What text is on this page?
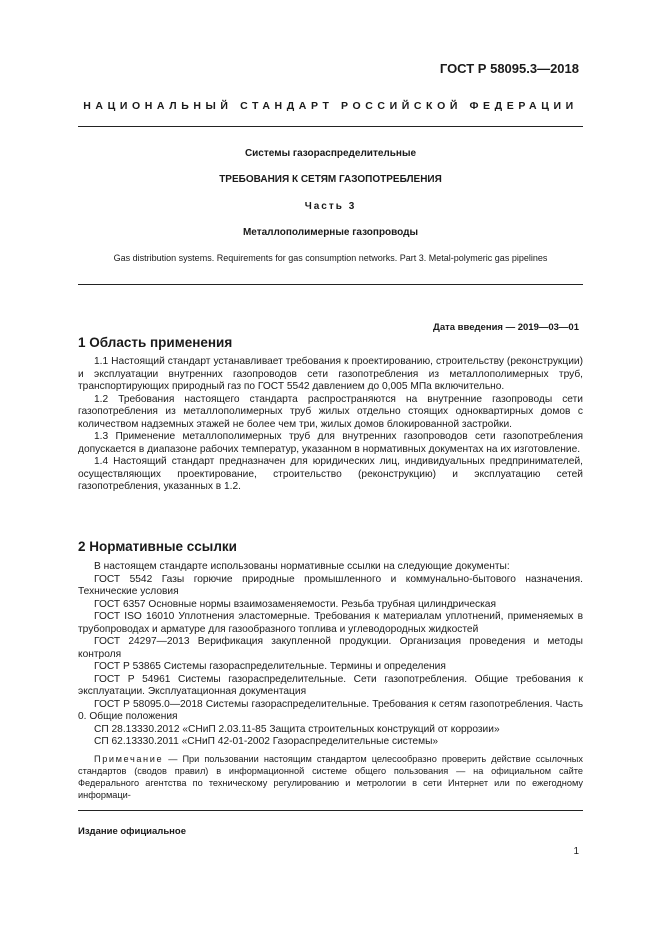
ГОСТ Р 58095.3—2018
НАЦИОНАЛЬНЫЙ СТАНДАРТ РОССИЙСКОЙ ФЕДЕРАЦИИ
Системы газораспределительные
ТРЕБОВАНИЯ К СЕТЯМ ГАЗОПОТРЕБЛЕНИЯ
Часть 3
Металлополимерные газопроводы
Gas distribution systems. Requirements for gas consumption networks. Part 3. Metal-polymeric gas pipelines
Дата введения — 2019—03—01
1 Область применения

1.1 Настоящий стандарт устанавливает требования к проектированию, строительству (реконструкции) и эксплуатации внутренних газопроводов сети газопотребления из металлополимерных труб, транспортирующих природный газ по ГОСТ 5542 давлением до 0,005 МПа включительно.

1.2 Требования настоящего стандарта распространяются на внутренние газопроводы сети газопотребления из металлополимерных труб жилых отдельно стоящих одноквартирных домов с количеством надземных этажей не более чем три, жилых домов блокированной застройки.

1.3 Применение металлополимерных труб для внутренних газопроводов сети газопотребления допускается в диапазоне рабочих температур, указанном в нормативных документах на их изготовление.

1.4 Настоящий стандарт предназначен для юридических лиц, индивидуальных предпринимателей, осуществляющих проектирование, строительство (реконструкцию) и эксплуатацию сетей газопотребления, указанных в 1.2.

2 Нормативные ссылки

В настоящем стандарте использованы нормативные ссылки на следующие документы:

ГОСТ 5542 Газы горючие природные промышленного и коммунально-бытового назначения. Технические условия

ГОСТ 6357 Основные нормы взаимозаменяемости. Резьба трубная цилиндрическая

ГОСТ ISO 16010 Уплотнения эластомерные. Требования к материалам уплотнений, применяемых в трубопроводах и арматуре для газообразного топлива и углеводородных жидкостей

ГОСТ 24297—2013 Верификация закупленной продукции. Организация проведения и методы контроля

ГОСТ Р 53865 Системы газораспределительные. Термины и определения

ГОСТ Р 54961 Системы газораспределительные. Сети газопотребления. Общие требования к эксплуатации. Эксплуатационная документация

ГОСТ Р 58095.0—2018 Системы газораспределительные. Требования к сетям газопотребления. Часть 0. Общие положения

СП 28.13330.2012 «СНиП 2.03.11-85 Защита строительных конструкций от коррозии»

СП 62.13330.2011 «СНиП 42-01-2002 Газораспределительные системы»

Примечание — При пользовании настоящим стандартом целесообразно проверить действие ссылочных стандартов (сводов правил) в информационной системе общего пользования — на официальном сайте Федерального агентства по техническому регулированию и метрологии в сети Интернет или по ежегодному информаци-

Издание официальное
1
